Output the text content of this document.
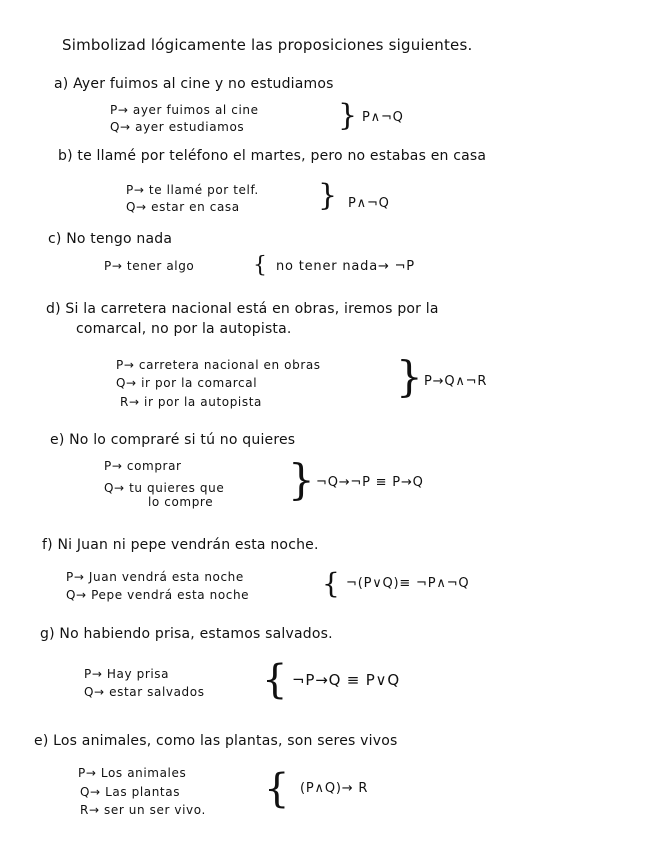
Simbolizad lógicamente las proposiciones siguientes.
a) Ayer fuimos al cine y no estudiamos
P→ ayer fuimos al cine
Q→ ayer estudiamos	} P∧¬Q
b) te llamé por teléfono el martes, pero no estabas en casa
P→ te llamé por telf.
Q→ estar en casa	} P∧¬Q
c) No tengo nada
P→ tener algo	{ no tener nada→ ¬P
d) Si la carretera nacional está en obras, iremos por la
comarcal, no por la autopista.
P→ carretera nacional en obras
Q→ ir por la comarcal
R→ ir por la autopista
} P→Q∧¬R
e) No lo compraré si tú no quieres
P→ comprar
Q→ tu quieres que
lo compre } ¬Q→¬P ≡ P→Q
f) Ni Juan ni pepe vendrán esta noche.
P→ Juan vendrá esta noche
Q→ Pepe vendrá esta noche	{ ¬(P∨Q)≡ ¬P∧¬Q
g) No habiendo prisa, estamos salvados.
P→ Hay prisa
Q→ estar salvados { ¬P→Q ≡ P∨Q
e) Los animales, como las plantas, son seres vivos
P→ Los animales
Q→ Las plantas
R→ ser un ser vivo. { (P∧Q)→ R
